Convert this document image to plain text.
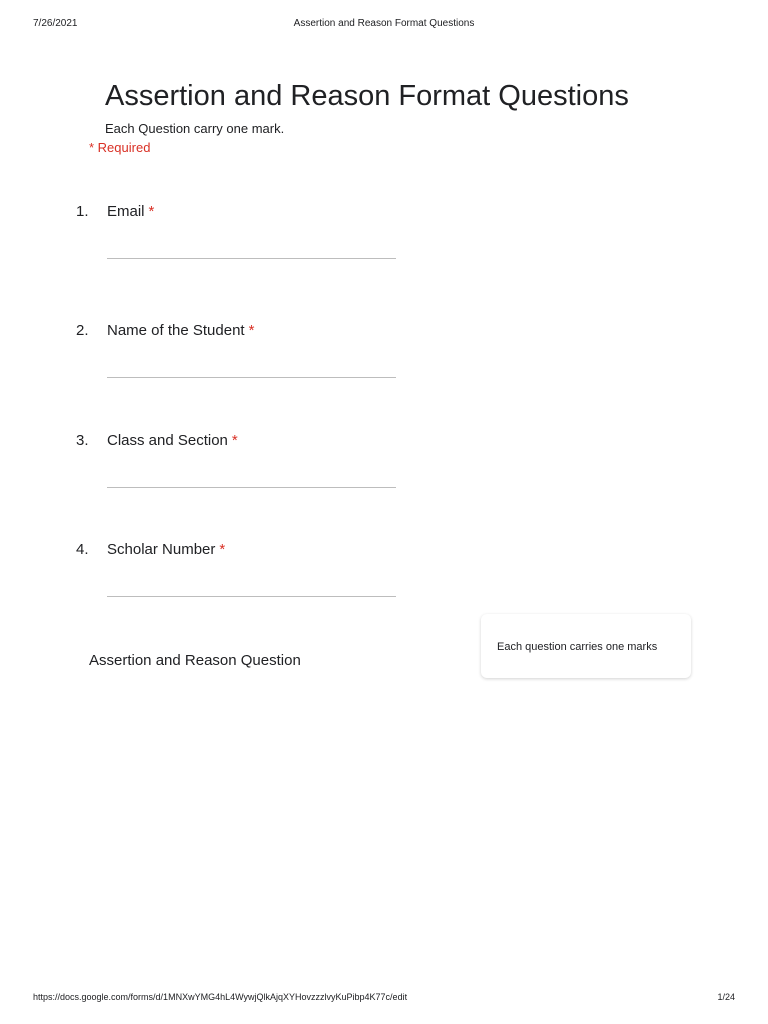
7/26/2021	Assertion and Reason Format Questions
Assertion and Reason Format Questions
Each Question carry one mark.
* Required
1. Email *
2. Name of the Student *
3. Class and Section *
4. Scholar Number *
Assertion and Reason Question
Each question carries one marks
https://docs.google.com/forms/d/1MNXwYMG4hL4WywjQlkAjqXYHovzzzlvyKuPibp4K77c/edit	1/24
